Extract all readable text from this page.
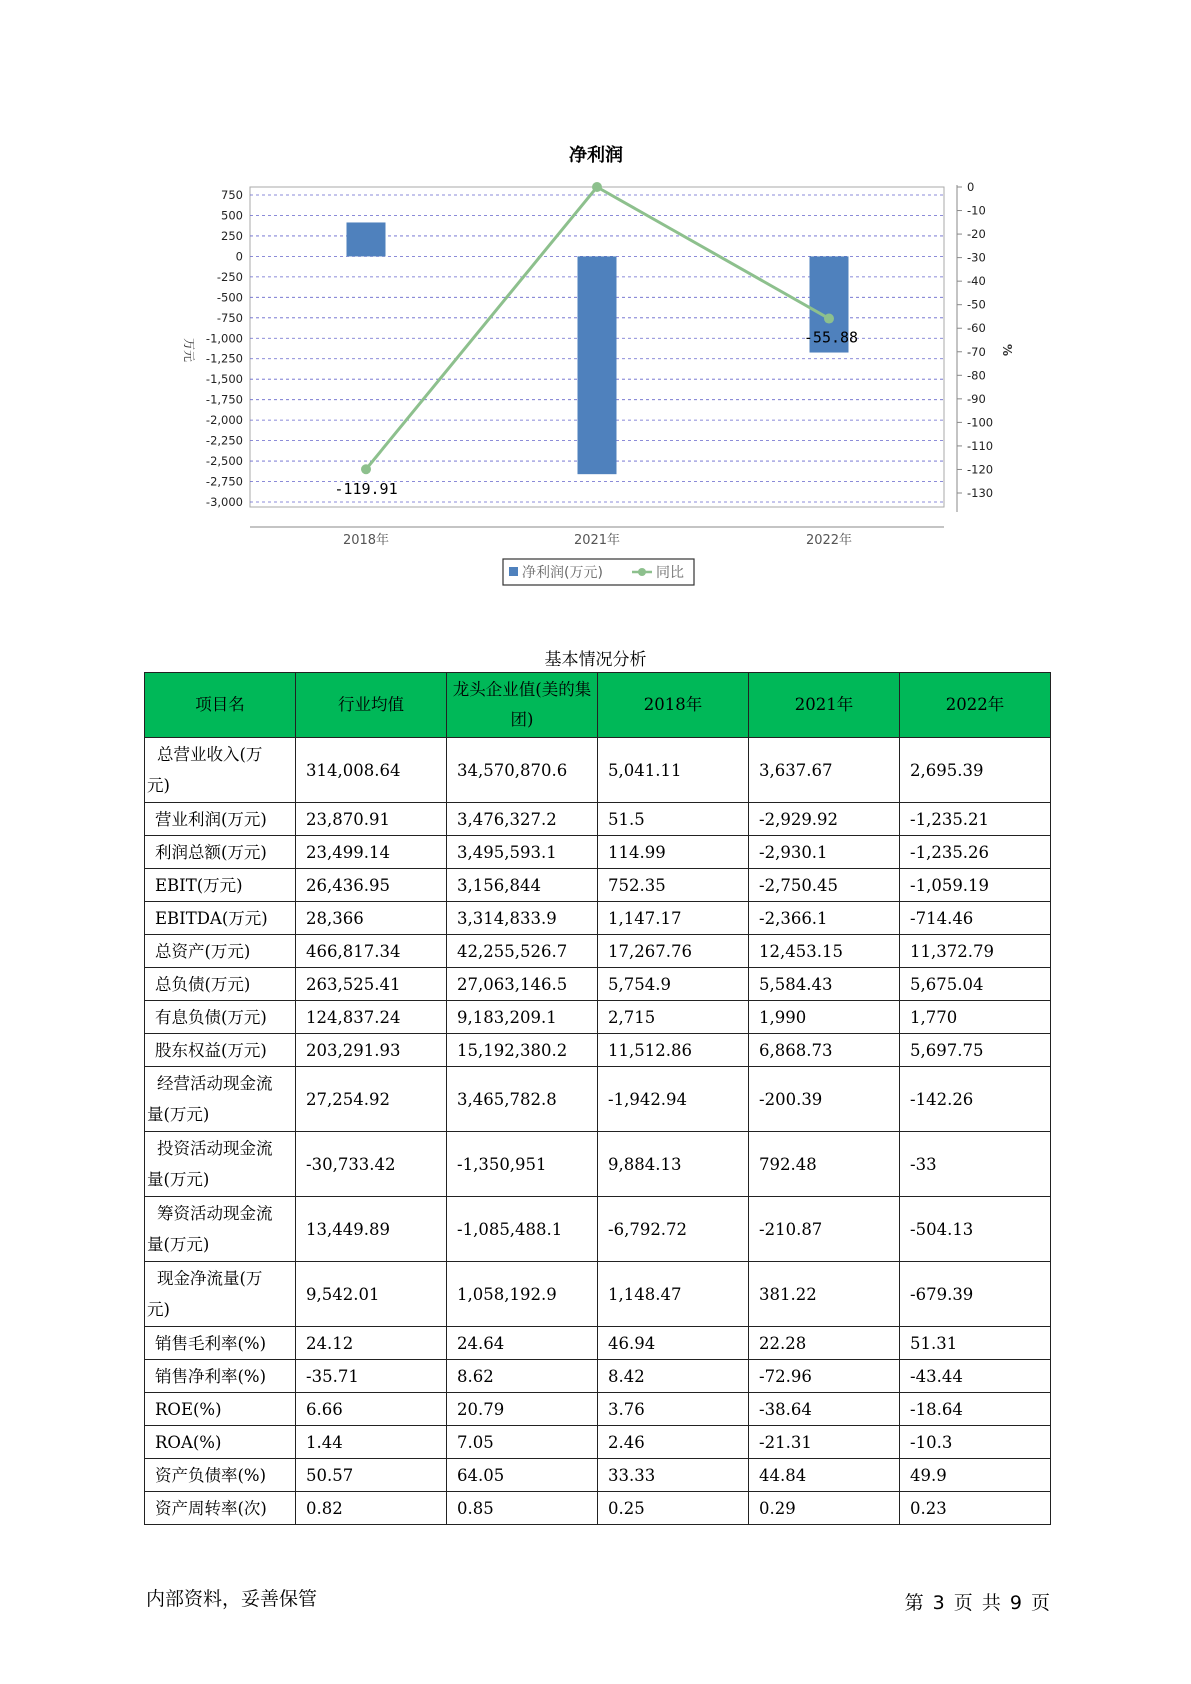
净利润
750
500
250
0
-250
-500
-750
-1,000
-1,250
-1,500
-1,750
-2,000
-2,250
-2,500
-2,750
-3,000
0
-10
-20
-30
-40
-50
-60
-70
-80
-90
-100
-110
-120
-130
-119.91
-55.88
2018年	2021年	2022年
万元	%
净利润(万元)	同比
基本情况分析
项目名	行业均值	龙头企业值(美的集团)	2018年	2021年	2022年

总营业收入(万
元)	314,008.64	34,570,870.6	5,041.11	3,637.67	2,695.39
营业利润(万元)	23,870.91	3,476,327.2	51.5	-2,929.92	-1,235.21
利润总额(万元)	23,499.14	3,495,593.1	114.99	-2,930.1	-1,235.26
EBIT(万元)	26,436.95	3,156,844	752.35	-2,750.45	-1,059.19
EBITDA(万元)	28,366	3,314,833.9	1,147.17	-2,366.1	-714.46
总资产(万元)	466,817.34	42,255,526.7	17,267.76	12,453.15	11,372.79
总负债(万元)	263,525.41	27,063,146.5	5,754.9	5,584.43	5,675.04
有息负债(万元)	124,837.24	9,183,209.1	2,715	1,990	1,770
股东权益(万元)	203,291.93	15,192,380.2	11,512.86	6,868.73	5,697.75

经营活动现金流
量(万元)	27,254.92	3,465,782.8	-1,942.94	-200.39	-142.26

投资活动现金流
量(万元)	-30,733.42	-1,350,951	9,884.13	792.48	-33

筹资活动现金流
量(万元)	13,449.89	-1,085,488.1	-6,792.72	-210.87	-504.13

现金净流量(万
元)	9,542.01	1,058,192.9	1,148.47	381.22	-679.39
销售毛利率(%)	24.12	24.64	46.94	22.28	51.31
销售净利率(%)	-35.71	8.62	8.42	-72.96	-43.44
ROE(%)	6.66	20.79	3.76	-38.64	-18.64
ROA(%)	1.44	7.05	2.46	-21.31	-10.3
资产负债率(%)	50.57	64.05	33.33	44.84	49.9
资产周转率(次)	0.82	0.85	0.25	0.29	0.23
内部资料，妥善保管	第 3 页 共 9 页
